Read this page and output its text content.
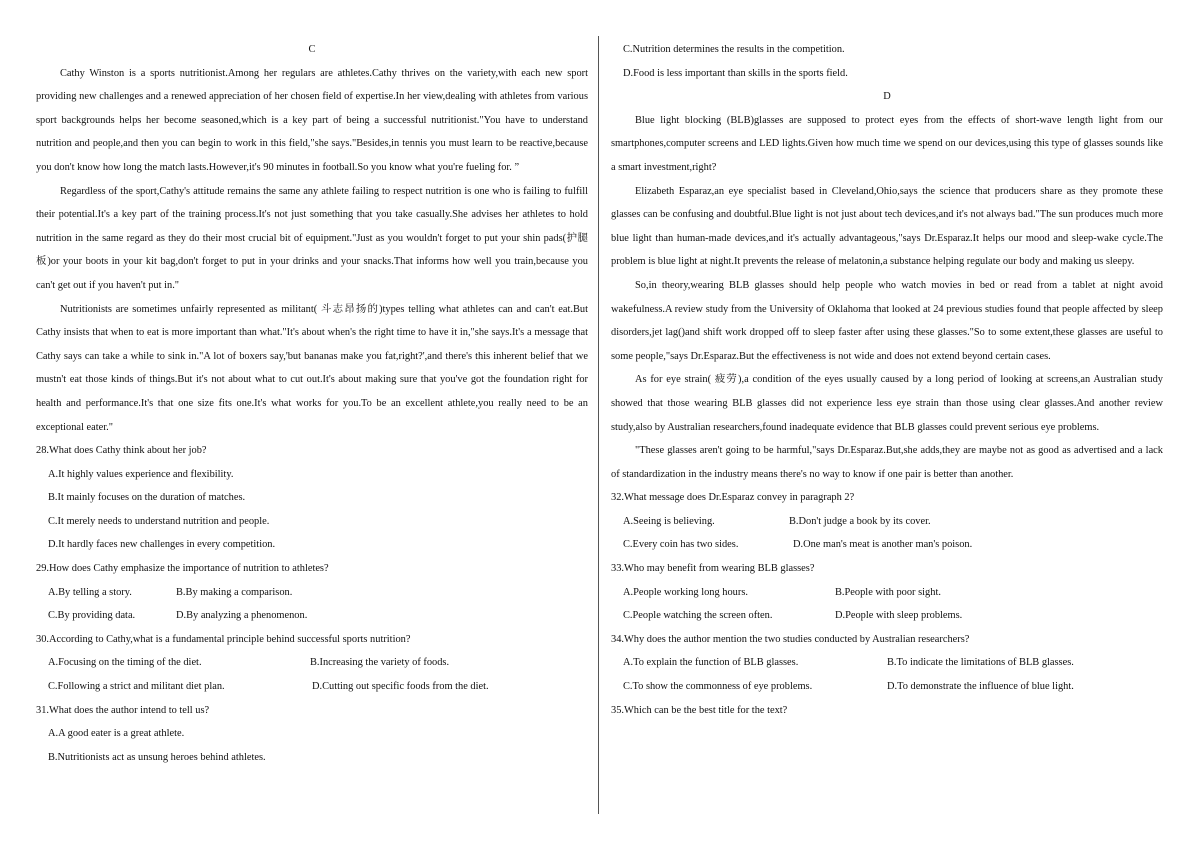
C

Cathy Winston is a sports nutritionist.Among her regulars are athletes.Cathy thrives on the variety,with each new sport providing new challenges and a renewed appreciation of her chosen field of expertise.In her view,dealing with athletes from various sport backgrounds helps her become seasoned,which is a key part of being a successful nutritionist."You have to understand nutrition and people,and then you can begin to work in this field,"she says."Besides,in tennis you must learn to be reactive,because you don't know how long the match lasts.However,it's 90 minutes in football.So you know what you're fueling for. ”

Regardless of the sport,Cathy's attitude remains the same any athlete failing to respect nutrition is one who is failing to fulfill their potential.It's a key part of the training process.It's not just something that you take casually.She advises her athletes to hold nutrition in the same regard as they do their most crucial bit of equipment."Just as you wouldn't forget to put your shin pads(护腿板)or your boots in your kit bag,don't forget to put in your drinks and your snacks.That informs how well you train,because you can't get out if you haven't put in."

Nutritionists are sometimes unfairly represented as militant( 斗志昂扬的)types telling what athletes can and can't eat.But Cathy insists that when to eat is more important than what."It's about when's the right time to have it in,"she says.It's a message that Cathy says can take a while to sink in."A lot of boxers say,'but bananas make you fat,right?',and there's this inherent belief that we mustn't eat those kinds of things.But it's not about what to cut out.It's about making sure that you've got the foundation right for health and performance.It's that one size fits one.It's what works for you.To be an excellent athlete,you really need to be an exceptional eater."

28.What does Cathy think about her job?

A.It highly values experience and flexibility.

B.It mainly focuses on the duration of matches.

C.It merely needs to understand nutrition and people.

D.It hardly faces new challenges in every competition.

29.How does Cathy emphasize the importance of nutrition to athletes?

A.By telling a story.	B.By making a comparison.
C.By providing data.	D.By analyzing a phenomenon.

30.According to Cathy,what is a fundamental principle behind successful sports nutrition?

A.Focusing on the timing of the diet.	B.Increasing the variety of foods.
C.Following a strict and militant diet plan.	D.Cutting out specific foods from the diet.

31.What does the author intend to tell us?

A.A good eater is a great athlete.

B.Nutritionists act as unsung heroes behind athletes.

C.Nutrition determines the results in the competition.

D.Food is less important than skills in the sports field.

D

Blue light blocking (BLB)glasses are supposed to protect eyes from the effects of short-wave length light from our smartphones,computer screens and LED lights.Given how much time we spend on our devices,using this type of glasses sounds like a smart investment,right?

Elizabeth Esparaz,an eye specialist based in Cleveland,Ohio,says the science that producers share as they promote these glasses can be confusing and doubtful.Blue light is not just about tech devices,and it's not always bad."The sun produces much more blue light than human-made devices,and it's actually advantageous,"says Dr.Esparaz.It helps our mood and sleep-wake cycle.The problem is blue light at night.It prevents the release of melatonin,a substance helping regulate our body and making us sleepy.

So,in theory,wearing BLB glasses should help people who watch movies in bed or read from a tablet at night avoid wakefulness.A review study from the University of Oklahoma that looked at 24 previous studies found that people affected by sleep disorders,jet lag()and shift work dropped off to sleep faster after using these glasses."So to some extent,these glasses are useful to some people,"says Dr.Esparaz.But the effectiveness is not wide and does not extend beyond certain cases.

As for eye strain( 疲劳),a condition of the eyes usually caused by a long period of looking at screens,an Australian study showed that those wearing BLB glasses did not experience less eye strain than those using clear glasses.And another review study,also by Australian researchers,found inadequate evidence that BLB glasses could prevent serious eye problems.

"These glasses aren't going to be harmful,"says Dr.Esparaz.But,she adds,they are maybe not as good as advertised and a lack of standardization in the industry means there's no way to know if one pair is better than another.

32.What message does Dr.Esparaz convey in paragraph 2?

A.Seeing is believing.	B.Don't judge a book by its cover.
C.Every coin has two sides.	D.One man's meat is another man's poison.

33.Who may benefit from wearing BLB glasses?

A.People working long hours.	B.People with poor sight.
C.People watching the screen often.	D.People with sleep problems.

34.Why does the author mention the two studies conducted by Australian researchers?

A.To explain the function of BLB glasses.	B.To indicate the limitations of BLB glasses.
C.To show the commonness of eye problems.	D.To demonstrate the influence of blue light.

35.Which can be the best title for the text?
